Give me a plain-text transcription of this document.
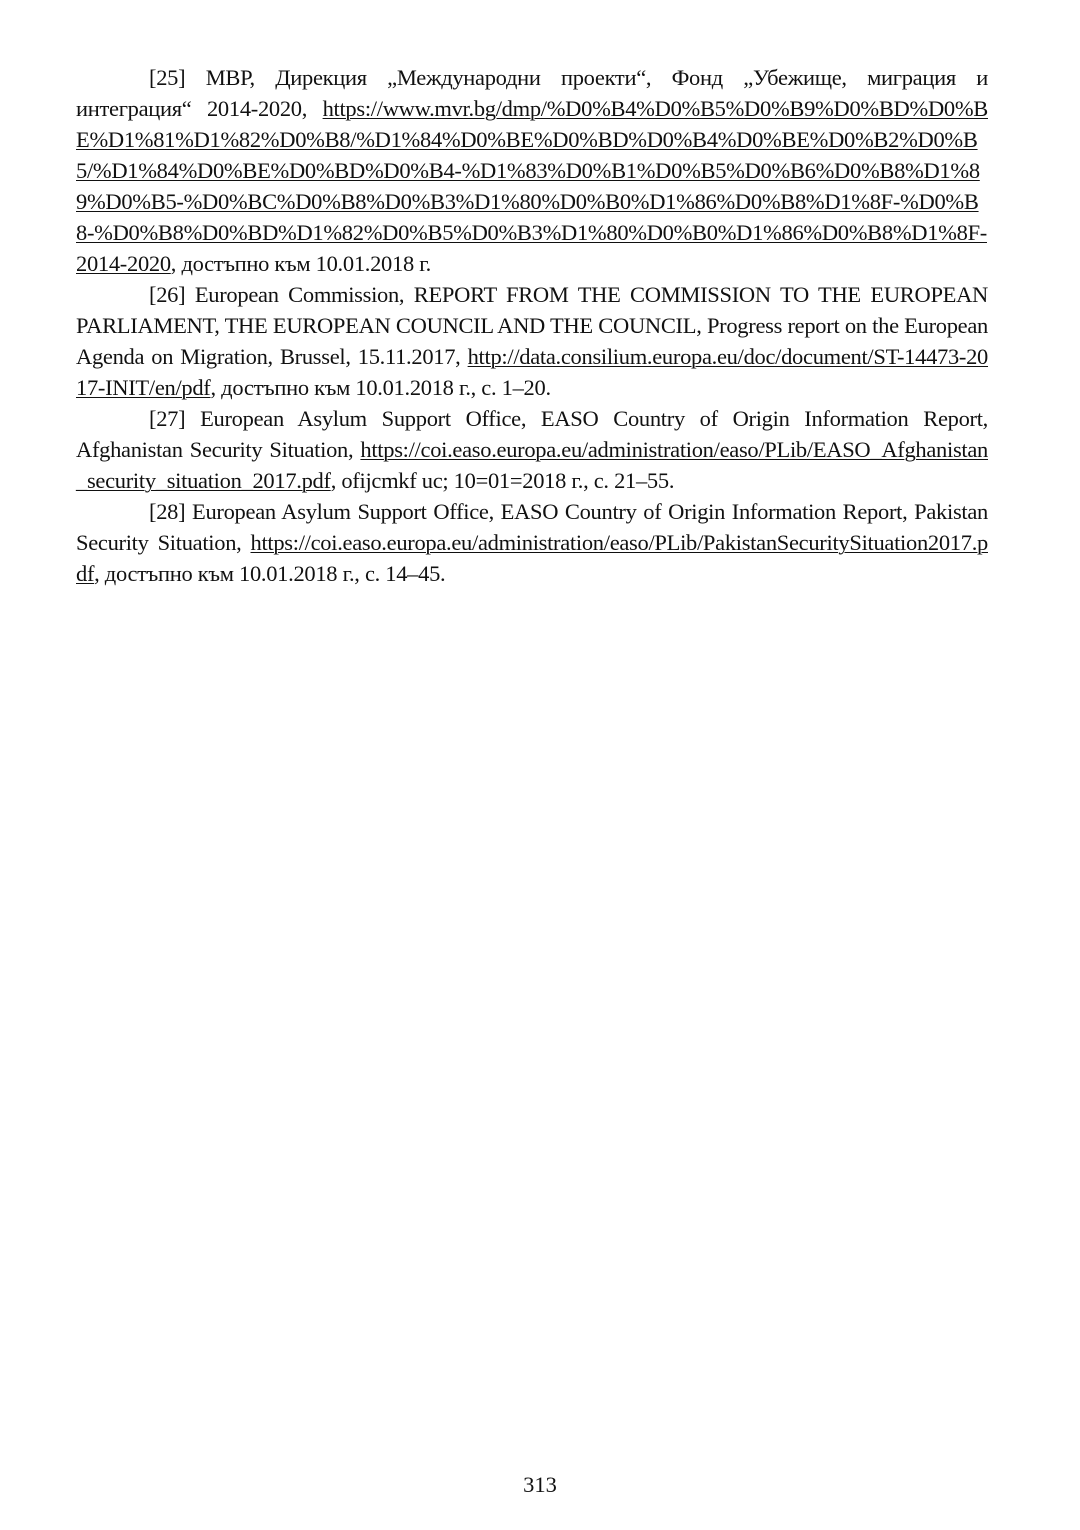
[25] МВР, Дирекция „Международни проекти“, Фонд „Убежище, миграция и интеграция“ 2014-2020, https://www.mvr.bg/dmp/%D0%B4%D0%B5%D0%B9%D0%BD%D0%BE%D1%81%D1%82%D0%B8/%D1%84%D0%BE%D0%BD%D0%B4%D0%BE%D0%B2%D0%B5/%D1%84%D0%BE%D0%BD%D0%B4-%D1%83%D0%B1%D0%B5%D0%B6%D0%B8%D1%89%D0%B5-%D0%BC%D0%B8%D0%B3%D1%80%D0%B0%D1%86%D0%B8%D1%8F-%D0%B8-%D0%B8%D0%BD%D1%82%D0%B5%D0%B3%D1%80%D0%B0%D1%86%D0%B8%D1%8F-2014-2020, достъпно към 10.01.2018 г.

[26] European Commission, REPORT FROM THE COMMISSION TO THE EUROPEAN PARLIAMENT, THE EUROPEAN COUNCIL AND THE COUNCIL, Progress report on the European Agenda on Migration, Brussel, 15.11.2017, http://data.consilium.europa.eu/doc/document/ST-14473-2017-INIT/en/pdf, достъпно към 10.01.2018 г., с. 1–20.

[27] European Asylum Support Office, EASO Country of Origin Information Report, Afghanistan Security Situation, https://coi.easo.europa.eu/administration/easo/PLib/EASO_Afghanistan_security_situation_2017.pdf, ofijcmkf uc; 10=01=2018 г., с. 21–55.

[28] European Asylum Support Office, EASO Country of Origin Information Report, Pakistan Security Situation, https://coi.easo.europa.eu/administration/easo/PLib/PakistanSecuritySituation2017.pdf, достъпно към 10.01.2018 г., с. 14–45.

313
